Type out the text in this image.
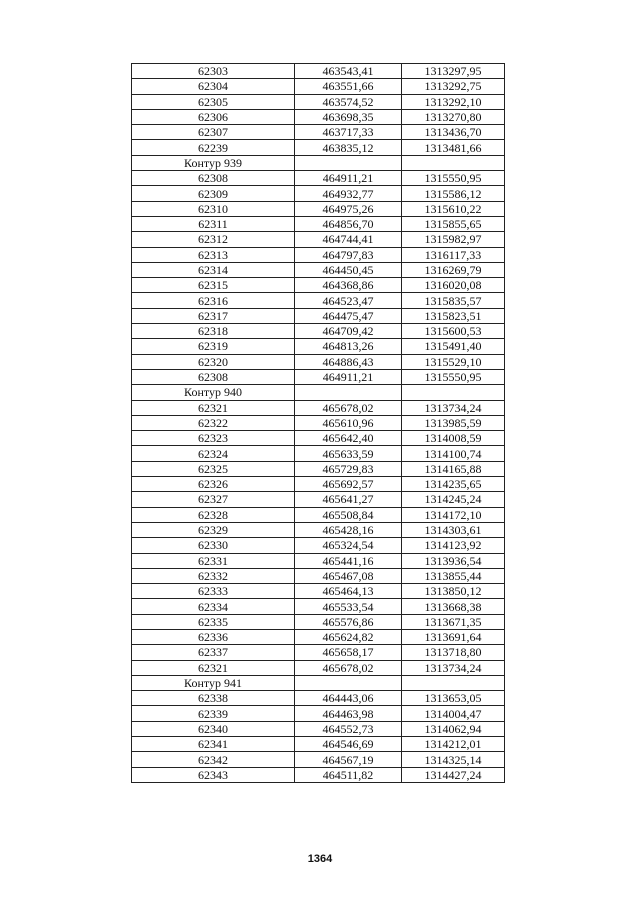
62303	463543,41	1313297,95
62304	463551,66	1313292,75
62305	463574,52	1313292,10
62306	463698,35	1313270,80
62307	463717,33	1313436,70
62239	463835,12	1313481,66
Контур 939		
62308	464911,21	1315550,95
62309	464932,77	1315586,12
62310	464975,26	1315610,22
62311	464856,70	1315855,65
62312	464744,41	1315982,97
62313	464797,83	1316117,33
62314	464450,45	1316269,79
62315	464368,86	1316020,08
62316	464523,47	1315835,57
62317	464475,47	1315823,51
62318	464709,42	1315600,53
62319	464813,26	1315491,40
62320	464886,43	1315529,10
62308	464911,21	1315550,95
Контур 940		
62321	465678,02	1313734,24
62322	465610,96	1313985,59
62323	465642,40	1314008,59
62324	465633,59	1314100,74
62325	465729,83	1314165,88
62326	465692,57	1314235,65
62327	465641,27	1314245,24
62328	465508,84	1314172,10
62329	465428,16	1314303,61
62330	465324,54	1314123,92
62331	465441,16	1313936,54
62332	465467,08	1313855,44
62333	465464,13	1313850,12
62334	465533,54	1313668,38
62335	465576,86	1313671,35
62336	465624,82	1313691,64
62337	465658,17	1313718,80
62321	465678,02	1313734,24
Контур 941		
62338	464443,06	1313653,05
62339	464463,98	1314004,47
62340	464552,73	1314062,94
62341	464546,69	1314212,01
62342	464567,19	1314325,14
62343	464511,82	1314427,24
1364
